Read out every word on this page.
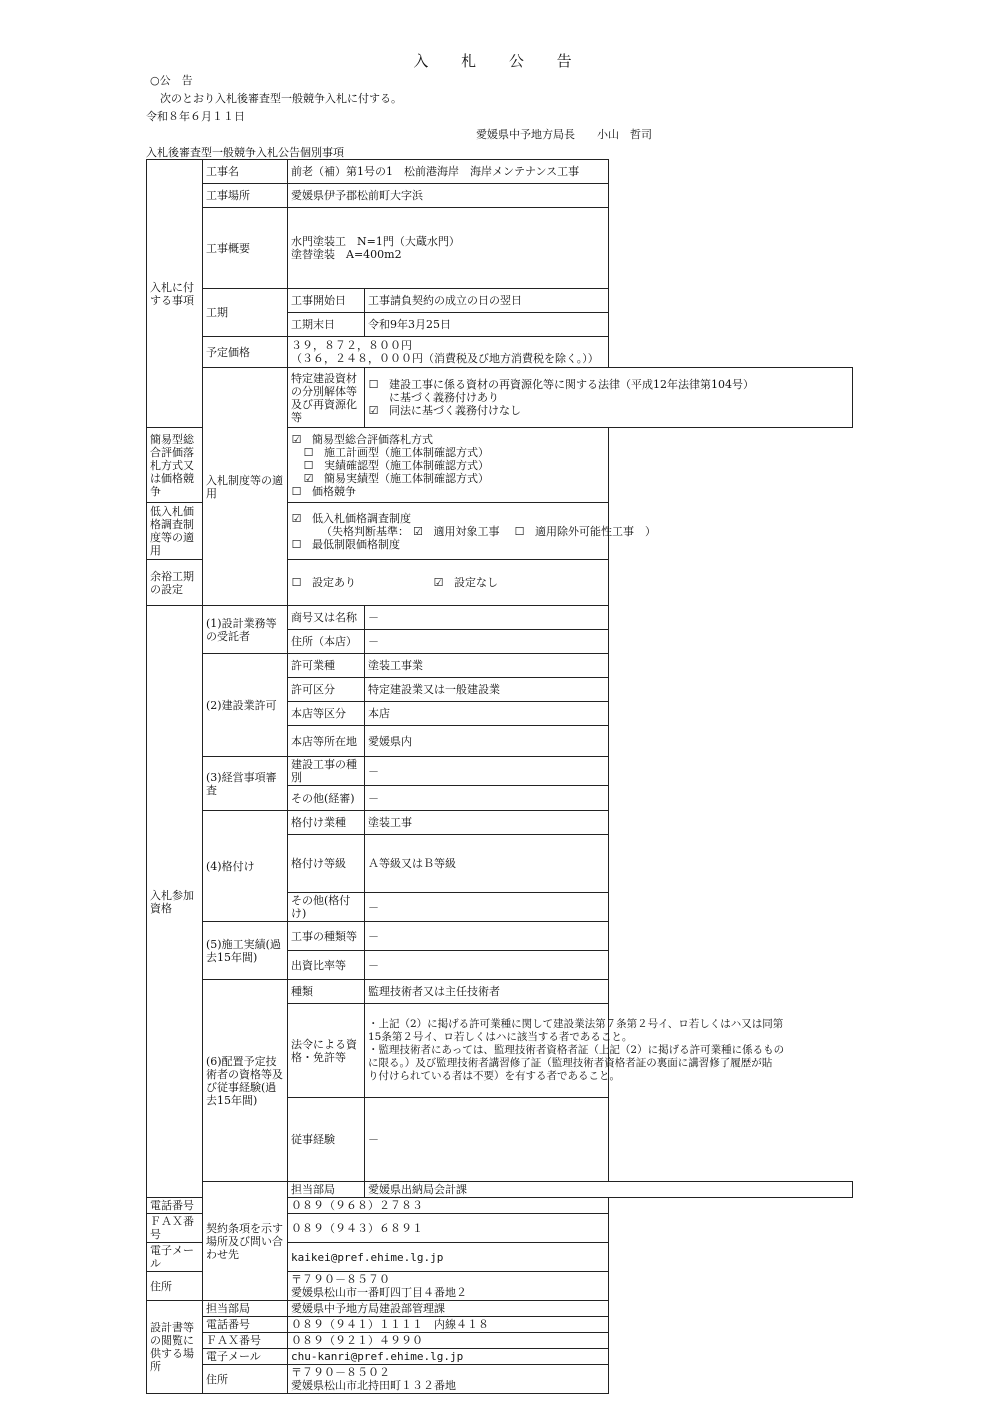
入 札 公 告
○公　告
次のとおり入札後審査型一般競争入札に付する。
令和８年６月１１日
愛媛県中予地方局長　　小山　哲司
入札後審査型一般競争入札公告個別事項
入札に付する事項	工事名	前老（補）第1号の1　松前港海岸　海岸メンテナンス工事	
	工事場所	愛媛県伊予郡松前町大字浜	
	工事概要	水門塗装工　N=1門（大蔵水門）
塗替塗装　A=400m2	

	工期	工事開始日	工事請負契約の成立の日の翌日
		工期末日	令和9年3月25日
	予定価格	３９，８７２，８００円
（３６，２４８，０００円（消費税及び地方消費税を除く。））	

	入札制度等の適用	特定建設資材の分別解体等及び再資源化等	☐ 建設工事に係る資材の再資源化等に関する法律（平成12年法律第104号）
に基づく義務付けあり
☑ 同法に基づく義務付けなし

簡易型総合評価落札方式又は価格競争		☑ 簡易型総合評価落札方式
☐ 施工計画型（施工体制確認方式）
☐ 実績確認型（施工体制確認方式）
☑ 簡易実績型（施工体制確認方式）
☐ 価格競争	

低入札価格調査制度等の適用		☑ 低入札価格調査制度
（失格判断基準： ☑ 適用対象工事　 ☐ 適用除外可能性工事　）
☐ 最低制限価格制度	

余裕工期の設定		☐ 設定あり ☑ 設定なし	
入札参加資格	(1)設計業務等の受託者	商号又は名称	－
		住所（本店）	－
	(2)建設業許可	許可業種	塗装工事業
		許可区分	特定建設業又は一般建設業
		本店等区分	本店
		本店等所在地	愛媛県内
	(3)経営事項審査	建設工事の種別	－
		その他(経審)	－
	(4)格付け	格付け業種	塗装工事
		格付け等級	Ａ等級又はＢ等級
		その他(格付け)	－
	(5)施工実績(過去15年間)	工事の種類等	－
		出資比率等	－
	(6)配置予定技術者の資格等及び従事経験(過去15年間)	種類	監理技術者又は主任技術者
		法令による資格・免許等	・上記（2）に掲げる許可業種に関して建設業法第７条第２号イ、ロ若しくはハ又は同第
15条第２号イ、ロ若しくはハに該当する者であること。
・監理技術者にあっては、監理技術者資格者証（上記（2）に掲げる許可業種に係るもの
に限る。）及び監理技術者講習修了証（監理技術者資格者証の裏面に講習修了履歴が貼
り付けられている者は不要）を有する者であること。

		従事経験	－
	契約条項を示す場所及び問い合わせ先	担当部局	愛媛県出納局会計課
電話番号		０８９（９６８）２７８３	
ＦＡＸ番号		０８９（９４３）６８９１	
電子メール		kaikei@pref.ehime.lg.jp	
住所		〒７９０－８５７０
愛媛県松山市一番町四丁目４番地２	

設計書等の閲覧に供する場所	担当部局	愛媛県中予地方局建設部管理課	
	電話番号	０８９（９４１）１１１１　内線４１８	
	ＦＡＸ番号	０８９（９２１）４９９０	
	電子メール	chu-kanri@pref.ehime.lg.jp	
	住所	〒７９０－８５０２
愛媛県松山市北持田町１３２番地	
